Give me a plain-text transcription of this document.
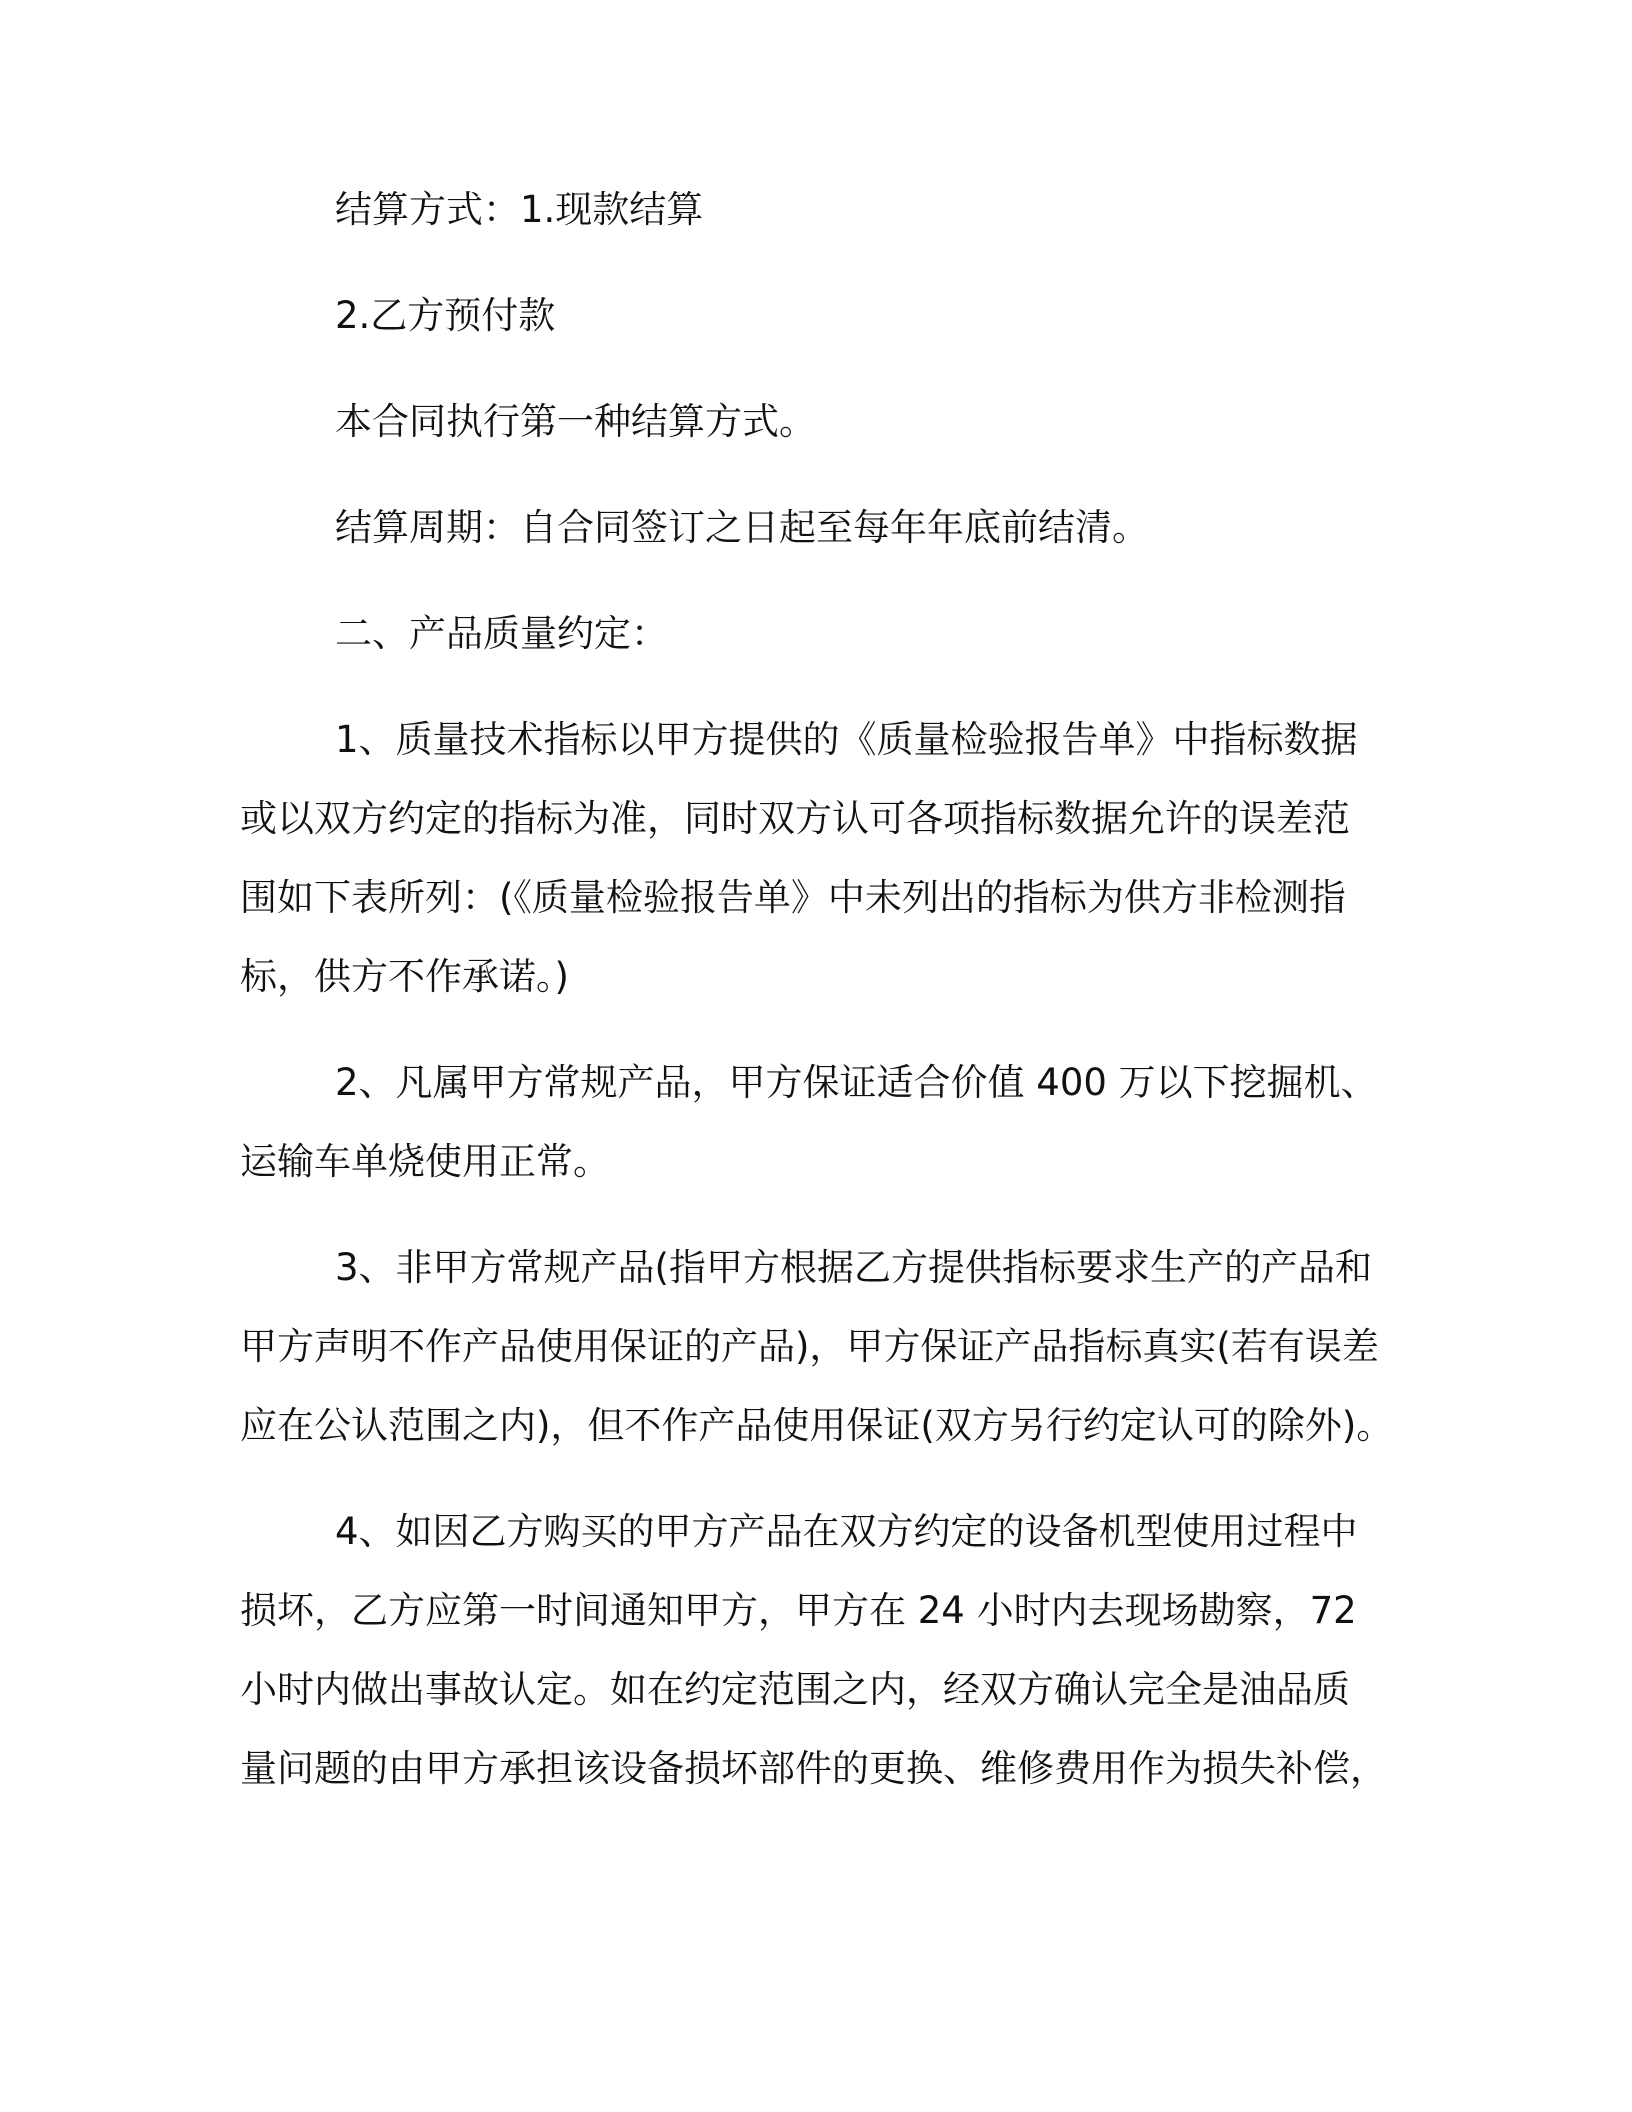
结算方式：1.现款结算

2.乙方预付款

本合同执行第一种结算方式。

结算周期：自合同签订之日起至每年年底前结清。

二、产品质量约定：

1、质量技术指标以甲方提供的《质量检验报告单》中指标数据

或以双方约定的指标为准，同时双方认可各项指标数据允许的误差范

围如下表所列：(《质量检验报告单》中未列出的指标为供方非检测指

标，供方不作承诺。)

2、凡属甲方常规产品，甲方保证适合价值 400 万以下挖掘机、

运输车单烧使用正常。

3、非甲方常规产品(指甲方根据乙方提供指标要求生产的产品和

甲方声明不作产品使用保证的产品)，甲方保证产品指标真实(若有误差

应在公认范围之内)，但不作产品使用保证(双方另行约定认可的除外)。

4、如因乙方购买的甲方产品在双方约定的设备机型使用过程中

损坏，乙方应第一时间通知甲方，甲方在 24 小时内去现场勘察，72

小时内做出事故认定。如在约定范围之内，经双方确认完全是油品质

量问题的由甲方承担该设备损坏部件的更换、维修费用作为损失补偿，
